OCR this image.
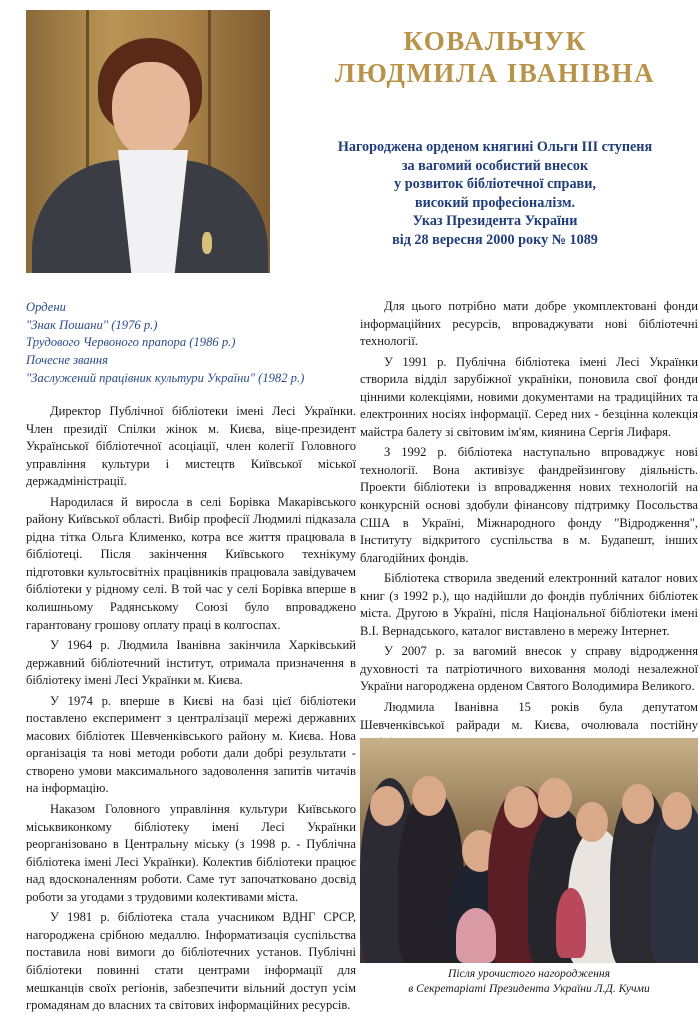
КОВАЛЬЧУК
ЛЮДМИЛА ІВАНІВНА
Нагороджена орденом княгині Ольги ІІІ ступеня
за вагомий особистий внесок
у розвиток бібліотечної справи,
високий професіоналізм.
Указ Президента України
від 28 вересня 2000 року № 1089
Ордени
"Знак Пошани" (1976 р.)
Трудового Червоного прапора (1986 р.)
Почесне звання
"Заслужений працівник культури України" (1982 р.)

Директор Публічної бібліотеки імені Лесі Українки. Член президії Спілки жінок м. Києва, віце-президент Української бібліотечної асоціації, член колегії Головного управління культури і мистецтв Київської міської держадміністрації.

Народилася й виросла в селі Борівка Макарівського району Київської області. Вибір професії Людмилі підказала рідна тітка Ольга Клименко, котра все життя працювала в бібліотеці. Після закінчення Київського технікуму підготовки культосвітніх працівників працювала завідувачем бібліотеки у рідному селі. В той час у селі Борівка вперше в колишньому Радянському Союзі було впроваджено гарантовану грошову оплату праці в колгоспах.

У 1964 р. Людмила Іванівна закінчила Харківський державний бібліотечний інститут, отримала призначення в бібліотеку імені Лесі Українки м. Києва.

У 1974 р. вперше в Києві на базі цієї бібліотеки поставлено експеримент з централізації мережі державних масових бібліотек Шевченківського району м. Києва. Нова організація та нові методи роботи дали добрі результати - створено умови максимального задоволення запитів читачів на інформацію.

Наказом Головного управління культури Київського міськвиконкому бібліотеку імені Лесі Українки реорганізовано в Центральну міську (з 1998 р. - Публічна бібліотека імені Лесі Українки). Колектив бібліотеки працює над вдосконаленням роботи. Саме тут започатковано досвід роботи за угодами з трудовими колективами міста.

У 1981 р. бібліотека стала учасником ВДНГ СРСР, нагороджена срібною медаллю. Інформатизація суспільства поставила нові вимоги до бібліотечних установ. Публічні бібліотеки повинні стати центрами інформації для мешканців своїх регіонів, забезпечити вільний доступ усім громадянам до власних та світових інформаційних ресурсів.

Для цього потрібно мати добре укомплектовані фонди інформаційних ресурсів, впроваджувати нові бібліотечні технології.

У 1991 р. Публічна бібліотека імені Лесі Українки створила відділ зарубіжної україніки, поновила свої фонди цінними колекціями, новими документами на традиційних та електронних носіях інформації. Серед них - безцінна колекція майстра балету зі світовим ім'ям, киянина Сергія Лифаря.

З 1992 р. бібліотека наступально впроваджує нові технології. Вона активізує фандрейзингову діяльність. Проекти бібліотеки із впровадження нових технологій на конкурсній основі здобули фінансову підтримку Посольства США в Україні, Міжнародного фонду "Відродження", Інституту відкритого суспільства в м. Будапешт, інших благодійних фондів.

Бібліотека створила зведений електронний каталог нових книг (з 1992 р.), що надійшли до фондів публічних бібліотек міста. Другою в Україні, після Національної бібліотеки імені В.І. Вернадського, каталог виставлено в мережу Інтернет.

У 2007 р. за вагомий внесок у справу відродження духовності та патріотичного виховання молоді незалежної України нагороджена орденом Святого Володимира Великого.

Людмила Іванівна 15 років була депутатом Шевченківської райради м. Києва, очолювала постійну

Після урочистого нагородження
в Секретаріаті Президента України Л.Д. Кучми
